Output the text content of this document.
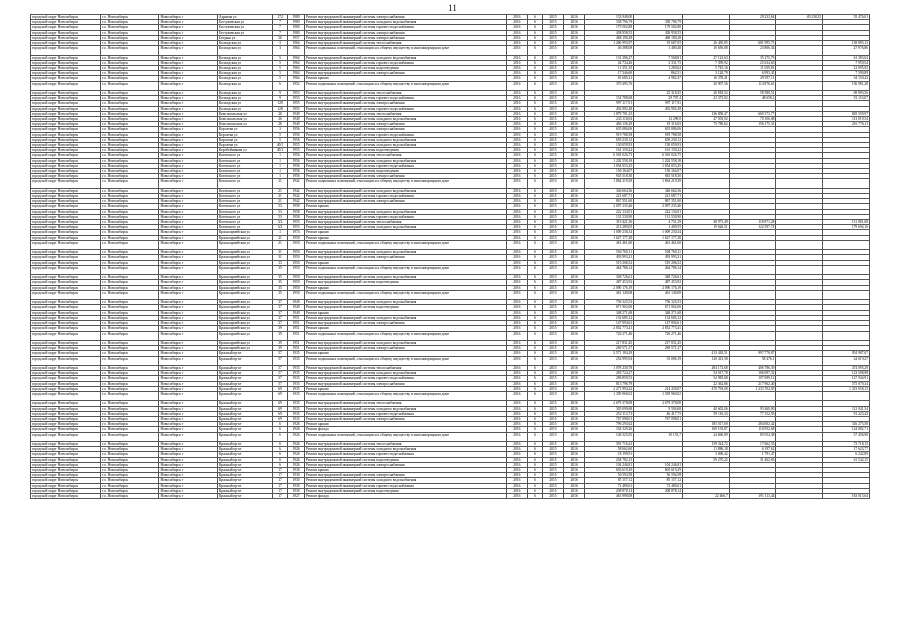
11
городской округ Новосибирск	г.о. Новосибирск	Новосибирск г	Адриена ул	172	1980	Ремонт внутридомовой инженерной системы электроснабжения	2016	6	2015	2016	133 948,00			29 233,64	49 238,35	55 476,01
городской округ Новосибирск	г.о. Новосибирск	Новосибирск г	Бестужевская ул	7	1980	Ремонт внутридомовой инженерной системы холодного водоснабжения	2016	6	2015	2016	338 796,79	338 796,79				
городской округ Новосибирск	г.о. Новосибирск	Новосибирск г	Бестужевская ул	7	1980	Ремонт внутридомовой инженерной системы горячего водоснабжения	2016	6	2015	2016	179 502,88	179 502,88				
городской округ Новосибирск	г.о. Новосибирск	Новосибирск г	Бестужевская ул	7	1980	Ремонт внутридомовой инженерной системы электроснабжения	2016	6	2015	2016	438 958,55	438 958,55				
городской округ Новосибирск	г.о. Новосибирск	Новосибирск г	Богдана ул	56	1957	Ремонт внутридомовой инженерной системы электроснабжения	2016	6	2015	2016	468 190,28	468 190,28				
городской округ Новосибирск	г.о. Новосибирск	Новосибирск г	Колхидская ул	3	1964	Ремонт внутридомовой инженерной системы теплоснабжения	2016	6	2015	2016	1 260 993,97	19 687,05	26 450,85	601 995,75		139 893,13
городской округ Новосибирск	г.о. Новосибирск	Новосибирск г	Колхидская ул	3	1964	Ремонт подвальных помещений, относящихся к общему имуществу в многоквартирном доме	2016	6	2015	2016	46 388,08	1 480,48	10 656,08	23 806,34		27 976,86
городской округ Новосибирск	г.о. Новосибирск	Новосибирск г	Колхидская ул	5	1964	Ремонт внутридомовой инженерной системы холодного водоснабжения	2016	6	2015	2016	131 396,27	7 568,81	27 123,63	35 275,79		61 383,04
городской округ Новосибирск	г.о. Новосибирск	Новосибирск г	Колхидская ул	5	1964	Ремонт внутридомовой инженерной системы горячего водоснабжения	2016	6	2015	2016	42 734,26	2 331,75	7 399,92	25 634,63		7 959,54
городской округ Новосибирск	г.о. Новосибирск	Новосибирск г	Колхидская ул	5	1964	Ремонт внутридомовой инженерной системы водоотведения	2016	6	2015	2016	11 351,35	1 200,62	5 745,16	11 059,81		12 095,92
городской округ Новосибирск	г.о. Новосибирск	Новосибирск г	Колхидская ул	5	1964	Ремонт внутридомовой инженерной системы электроснабжения	2016	6	2015	2016	17 346,60	862,51	3 120,79	6 993,45		7 590,89
городской округ Новосибирск	г.о. Новосибирск	Новосибирск г	Колхидская ул	5	1964	Ремонт крыши	2016	6	2015	2016	81 685,21	4 982,47	16 378,41	29 937,11		34 150,43
городской округ Новосибирск	г.о. Новосибирск	Новосибирск г	Колхидская ул	6	1952	Ремонт подвальных помещений, относящихся к общему имуществу в многоквартирном доме	2016	6	2015	2016	370 495,76		20 907,56	114 876,61		156 981,28
городской округ Новосибирск	г.о. Новосибирск	Новосибирск г	Колхидская ул	9	1953	Ремонт внутридомовой инженерной системы теплоснабжения	2016	6	2015	2016		25 318,35	20 818,52	58 580,51		69 893,56
городской округ Новосибирск	г.о. Новосибирск	Новосибирск г	Колхидская ул	9	1953	Ремонт внутридомовой инженерной системы горячего водоснабжения	2016	6	2015	2016	154 788,68	29 707,4	23 375,02	48 658,2		53 153,07
городской округ Новосибирск	г.о. Новосибирск	Новосибирск г	Колхидская ул	128	1955	Ремонт внутридомовой инженерной системы электроснабжения	2016	6	2015	2016	997 117,91	997 117,91				
городской округ Новосибирск	г.о. Новосибирск	Новосибирск г	Колхидская ул	128	1955	Ремонт внутридомовой инженерной системы горячего водоснабжения	2016	6	2015	2016	492 992,28	492 992,28				
городской округ Новосибирск	г.о. Новосибирск	Новосибирск г	Комсомольская ул	26	1949	Ремонт внутридомовой инженерной системы теплоснабжения	2016	6	2015	2016	1 879 791,25		136 858,47	669 373,77		829 559,97
городской округ Новосибирск	г.о. Новосибирск	Новосибирск г	Комсомольская ул	26	1949	Ремонт внутридомовой инженерной системы холодного водоснабжения	2016	6	2015	2016	243 118,04	12 299,0	47 503,92	70 106,08		113 019,54
городской округ Новосибирск	г.о. Новосибирск	Новосибирск г	Комсомольская ул	26	1949	Ремонт внутридомовой инженерной системы электроснабжения	2016	6	2015	2016	466 136,29	19 316,65	75 780,62	156 175,31		216 776,11
городской округ Новосибирск	г.о. Новосибирск	Новосибирск г	Королева ул	3	1956	Ремонт внутридомовой инженерной системы электроснабжения	2016	6	2015	2016	635 086,06	635 086,06				
городской округ Новосибирск	г.о. Новосибирск	Новосибирск г	Королева ул	5	1956	Ремонт внутридомовой инженерной системы горячего водоснабжения	2016	6	2015	2016	919 788,58	919 788,58				
городской округ Новосибирск	г.о. Новосибирск	Новосибирск г	Королева ул	5	1956	Ремонт внутридомовой инженерной системы холодного водоснабжения	2016	6	2015	2016	659 230,12	659 230,12				
городской округ Новосибирск	г.о. Новосибирск	Новосибирск г	Королева ул	40/1	1955	Ремонт внутридомовой инженерной системы холодного водоснабжения	2016	6	2015	2016	130 059,93	130 059,93				
городской округ Новосибирск	г.о. Новосибирск	Новосибирск г	Коробейникова ул	40/1	1955	Ремонт внутридомовой инженерной системы водоотведения	2016	6	2015	2016	161 150,22	161 150,22				
городской округ Новосибирск	г.о. Новосибирск	Новосибирск г	Котовского ул	1	1956	Ремонт внутридомовой инженерной системы теплоснабжения	2016	6	2015	2016	6 563 026,75	6 563 026,75				
городской округ Новосибирск	г.о. Новосибирск	Новосибирск г	Котовского ул	1	1956	Ремонт внутридомовой инженерной системы холодного водоснабжения	2016	6	2015	2016	1 202 558,18	1 202 558,18				
городской округ Новосибирск	г.о. Новосибирск	Новосибирск г	Котовского ул	1	1956	Ремонт внутридомовой инженерной системы горячего водоснабжения	2016	6	2015	2016	1 054 053,25	1 054 053,25				
городской округ Новосибирск	г.о. Новосибирск	Новосибирск г	Котовского ул	1	1956	Ремонт внутридомовой инженерной системы водоотведения	2016	6	2015	2016	156 164,07	156 164,07				
городской округ Новосибирск	г.о. Новосибирск	Новосибирск г	Котовского ул	1	1956	Ремонт внутридомовой инженерной системы электроснабжения	2016	6	2015	2016	945 518,30	945 518,30				
городской округ Новосибирск	г.о. Новосибирск	Новосибирск г	Котовского ул	21	1942	Ремонт подвальных помещений, относящихся к общему имуществу в многоквартирном доме	2016	6	2015	2016	1 864 219,39	1 864 219,39				
городской округ Новосибирск	г.о. Новосибирск	Новосибирск г	Котовского ул	21	1942	Ремонт внутридомовой инженерной системы холодного водоснабжения	2016	6	2015	2016	346 664,36	346 664,36				
городской округ Новосибирск	г.о. Новосибирск	Новосибирск г	Котовского ул	21	1942	Ремонт внутридомовой инженерной системы горячего водоснабжения	2016	6	2015	2016	221 687,71	221 687,71				
городской округ Новосибирск	г.о. Новосибирск	Новосибирск г	Котовского ул	21	1942	Ремонт внутридомовой инженерной системы электроснабжения	2016	6	2015	2016	867 351,60	867 351,60				
городской округ Новосибирск	г.о. Новосибирск	Новосибирск г	Котовского ул	53	1958	Ремонт крыши	2016	6	2015	2016	2 097 235,46	2 097 235,46				
городской округ Новосибирск	г.о. Новосибирск	Новосибирск г	Котовского ул	53	1958	Ремонт внутридомовой инженерной системы холодного водоснабжения	2016	6	2015	2016	222 134,91	222 134,91				
городской округ Новосибирск	г.о. Новосибирск	Новосибирск г	Котовского ул	53	1958	Ремонт внутридомовой инженерной системы горячего водоснабжения	2016	6	2015	2016	131 530,90	131 530,90				
городской округ Новосибирск	г.о. Новосибирск	Новосибирск г	Котовского ул	3/2	1955	Ремонт внутридомовой инженерной системы теплоснабжения	2016	6	2015	2016	319 421,56	4 751,29	38 973,49	118 871,28		151 881,68
городской округ Новосибирск	г.о. Новосибирск	Новосибирск г	Котовского ул	3/2	1955	Ремонт внутридомовой инженерной системы холодного водоснабжения	2016	6	2015	2016	213 289,05	1 409,55	19 626,51	122 597,74		179 694,16
городской округ Новосибирск	г.о. Новосибирск	Новосибирск г	Красноармейская ул	1	1974	Ремонт крыши	2016	6	2015	2016	1 009 230,34	1 009 230,34				
городской округ Новосибирск	г.о. Новосибирск	Новосибирск г	Красноармейская ул	21	1950	Ремонт крыши	2016	6	2015	2016	1 627 177,28	1 627 177,28				
городской округ Новосибирск	г.о. Новосибирск	Новосибирск г	Красноармейская ул	21	1950	Ремонт подвальных помещений, относящихся к общему имуществу в многоквартирном доме	2016	6	2015	2016	461 461,60	461 461,60				
городской округ Новосибирск	г.о. Новосибирск	Новосибирск г	Красноармейская ул	31	1950	Ремонт внутридомовой инженерной системы холодного водоснабжения	2016	6	2015	2016	504 760,11	504 760,11				
городской округ Новосибирск	г.о. Новосибирск	Новосибирск г	Красноармейская ул	31	1950	Ремонт внутридомовой инженерной системы электроснабжения	2016	6	2015	2016	493 993,21	493 993,21				
городской округ Новосибирск	г.о. Новосибирск	Новосибирск г	Красноармейская ул	33	1950	Ремонт крыши	2016	6	2015	2016	519 206,52	519 206,52				
городской округ Новосибирск	г.о. Новосибирск	Новосибирск г	Красноармейская ул	35	1950	Ремонт подвальных помещений, относящихся к общему имуществу в многоквартирном доме	2016	6	2015	2016	464 786,14	464 786,14				
городской округ Новосибирск	г.о. Новосибирск	Новосибирск г	Красноармейская ул	35	1950	Ремонт внутридомовой инженерной системы холодного водоснабжения	2016	6	2015	2016	348 726,61	348 726,61				
городской округ Новосибирск	г.о. Новосибирск	Новосибирск г	Красноармейская ул	35	1950	Ремонт внутридомовой инженерной системы водоотведения	2016	6	2015	2016	487 453,92	487 453,92				
городской округ Новосибирск	г.о. Новосибирск	Новосибирск г	Красноармейская ул	35	1950	Ремонт крыши	2016	6	2015	2016	2 090 176,19	2 090 176,19				
городской округ Новосибирск	г.о. Новосибирск	Новосибирск г	Красноармейская ул	35	1950	Ремонт подвальных помещений, относящихся к общему имуществу в многоквартирном доме	2016	6	2015	2016	461 140,08	461 140,08				
городской округ Новосибирск	г.о. Новосибирск	Новосибирск г	Красноармейская ул	37	1949	Ремонт внутридомовой инженерной системы холодного водоснабжения	2016	6	2015	2016	756 325,53	756 325,53				
городской округ Новосибирск	г.о. Новосибирск	Новосибирск г	Красноармейская ул	37	1949	Ремонт внутридомовой инженерной системы водоотведения	2016	6	2015	2016	671 902,06	671 902,06				
городской округ Новосибирск	г.о. Новосибирск	Новосибирск г	Красноармейская ул	37	1949	Ремонт крыши	2016	6	2015	2016	348 271,68	348 271,68				
городской округ Новосибирск	г.о. Новосибирск	Новосибирск г	Красноармейская ул	37	1951	Ремонт внутридомовой инженерной системы холодного водоснабжения	2016	6	2015	2016	132 685,12	132 685,12				
городской округ Новосибирск	г.о. Новосибирск	Новосибирск г	Красноармейская ул	37	1951	Ремонт внутридомовой инженерной системы электроснабжения	2016	6	2015	2016	147 994,61	147 994,61				
городской округ Новосибирск	г.о. Новосибирск	Новосибирск г	Красноармейская ул	39	1951	Ремонт крыши	2016	6	2015	2016	2 852 773,41	2 852 773,41				
городской округ Новосибирск	г.о. Новосибирск	Новосибирск г	Красноармейская ул	39	1951	Ремонт подвальных помещений, относящихся к общему имуществу в многоквартирном доме	2016	6	2015	2016	726 271,46	726 271,46				
городской округ Новосибирск	г.о. Новосибирск	Новосибирск г	Красноармейская ул	39	1951	Ремонт внутридомовой инженерной системы холодного водоснабжения	2016	6	2015	2016	217 831,45	217 831,45				
городской округ Новосибирск	г.о. Новосибирск	Новосибирск г	Красноармейская ул	39	1951	Ремонт внутридомовой инженерной системы электроснабжения	2016	6	2015	2016	269 571,37	269 571,37				
городской округ Новосибирск	г.о. Новосибирск	Новосибирск г	Красный пр-кт	57	1935	Ремонт крыши	2016	6	2015	2016	2 571 184,29		413 418,51	997 778,87		954 987,67
городской округ Новосибирск	г.о. Новосибирск	Новосибирск г	Красный пр-кт	57	1935	Ремонт подвальных помещений, относящихся к общему имуществу в многоквартирном доме	2016	6	2015	2016	254 995,94	53 086,19	120 413,58	58 476,1		24 019,27
городской округ Новосибирск	г.о. Новосибирск	Новосибирск г	Красный пр-кт	57	1935	Ремонт внутридомовой инженерной системы теплоснабжения	2016	6	2015	2016	1 078 230,78		284 173,68	406 786,39		474 095,29
городской округ Новосибирск	г.о. Новосибирск	Новосибирск г	Красный пр-кт	57	1935	Ремонт внутридомовой инженерной системы холодного водоснабжения	2016	6	2015	2016	283 724,27		54 017,78	106 097,32		123 508,98
городской округ Новосибирск	г.о. Новосибирск	Новосибирск г	Красный пр-кт	57	1935	Ремонт внутридомовой инженерной системы горячего водоснабжения	2016	6	2015	2016	286 859,53		54 983,68	107 699,12		127 944,91
городской округ Новосибирск	г.о. Новосибирск	Новосибирск г	Красный пр-кт	57	1935	Ремонт внутридомовой инженерной системы электроснабжения	2016	6	2015	2016	813 796,79		22 362,86	217 962,40		575 079,34
городской округ Новосибирск	г.о. Новосибирск	Новосибирск г	Красный пр-кт	69	1935	Ремонт крыши	2016	6	2015	2016	2 271 994,22	214 430,87	470 793,00	1 233 702,05		1 353 058,15
городской округ Новосибирск	г.о. Новосибирск	Новосибирск г	Красный пр-кт	69	1935	Ремонт подвальных помещений, относящихся к общему имуществу в многоквартирном доме	2016	6	2015	2016	1 359 960,02	1 359 960,02				
городской округ Новосибирск	г.о. Новосибирск	Новосибирск г	Красный пр-кт	69	1935	Ремонт внутридомовой инженерной системы теплоснабжения	2016	6	2015	2016	2 679 378,08	2 679 378,08				
городской округ Новосибирск	г.о. Новосибирск	Новосибирск г	Красный пр-кт	69	1935	Ремонт внутридомовой инженерной системы холодного водоснабжения	2016	6	2015	2016	305 099,68	9 504,68	40 602,06	93 460,00		112 941,54
городской округ Новосибирск	г.о. Новосибирск	Новосибирск г	Красный пр-кт	69	1935	Ремонт внутридомовой инженерной системы горячего водоснабжения	2016	6	2015	2016	252 113,73	46 417,75	59 116,33	77 152,59		91 223,43
городской округ Новосибирск	г.о. Новосибирск	Новосибирск г	Красный пр-кт	69	1935	Ремонт внутридомовой инженерной системы электроснабжения	2016	6	2015	2016	767 098,01	767 098,01				
городской округ Новосибирск	г.о. Новосибирск	Новосибирск г	Красный пр-кт	6	1926	Ремонт крыши	2016	6	2015	2016	796 293,62		185 017,69	284 002,42		316 275,58
городской округ Новосибирск	г.о. Новосибирск	Новосибирск г	Красный пр-кт	6	1926	Ремонт фасада	2016	6	2015	2016	334 329,26		100 193,87	110 052,68		124 082,71
городской округ Новосибирск	г.о. Новосибирск	Новосибирск г	Красный пр-кт	6	1926	Ремонт подвальных помещений, относящихся к общему имуществу в многоквартирном доме	2016	6	2015	2016	148 325,95	10 153,7	24 660,89	85 054,38		37 456,98
городской округ Новосибирск	г.о. Новосибирск	Новосибирск г	Красный пр-кт	6	1926	Ремонт внутридомовой инженерной системы теплоснабжения	2016	6	2015	2016	391 716,22		159 324,72	17 662,35		73 718,15
городской округ Новосибирск	г.о. Новосибирск	Новосибирск г	Красный пр-кт	6	1926	Ремонт внутридомовой инженерной системы холодного водоснабжения	2016	6	2015	2016	58 662,60		11 886,18	6 197,62		17 623,77
городской округ Новосибирск	г.о. Новосибирск	Новосибирск г	Красный пр-кт	6	1926	Ремонт внутридомовой инженерной системы горячего водоснабжения	2016	6	2015	2016	18 199,91		3 696,42	1 791,47		6 242,89
городской округ Новосибирск	г.о. Новосибирск	Новосибирск г	Красный пр-кт	6	1926	Ремонт внутридомовой инженерной системы водоотведения	2016	6	2015	2016	204 782,13		59 270,22	31 462,83		61 542,15
городской округ Новосибирск	г.о. Новосибирск	Новосибирск г	Красный пр-кт	6	1926	Ремонт внутридомовой инженерной системы электроснабжения	2016	6	2015	2016	104 246,81	104 246,81				
городской округ Новосибирск	г.о. Новосибирск	Новосибирск г	Красный пр-кт	17	1930	Ремонт крыши	2016	6	2015	2016	603 619,29	603 619,29				
городской округ Новосибирск	г.о. Новосибирск	Новосибирск г	Красный пр-кт	17	1930	Ремонт внутридомовой инженерной системы электроснабжения	2016	6	2015	2016	56 594,58	56 594,58				
городской округ Новосибирск	г.о. Новосибирск	Новосибирск г	Красный пр-кт	17	1930	Ремонт внутридомовой инженерной системы холодного водоснабжения	2016	6	2015	2016	85 157,12	85 157,12				
городской округ Новосибирск	г.о. Новосибирск	Новосибирск г	Красный пр-кт	17	1930	Ремонт внутридомовой инженерной системы горячего водоснабжения	2016	6	2015	2016	72 480,61	72 480,61				
городской округ Новосибирск	г.о. Новосибирск	Новосибирск г	Красный пр-кт	17	1930	Ремонт внутридомовой инженерной системы водоотведения	2016	6	2015	2016	208 878,14	208 878,14				
городской округ Новосибирск	г.о. Новосибирск	Новосибирск г	Красный пр-кт	17	1927	Ремонт фасада	2016	6	2015	2016	461 998,08		22 466,7	191 113,44		163 015,64
